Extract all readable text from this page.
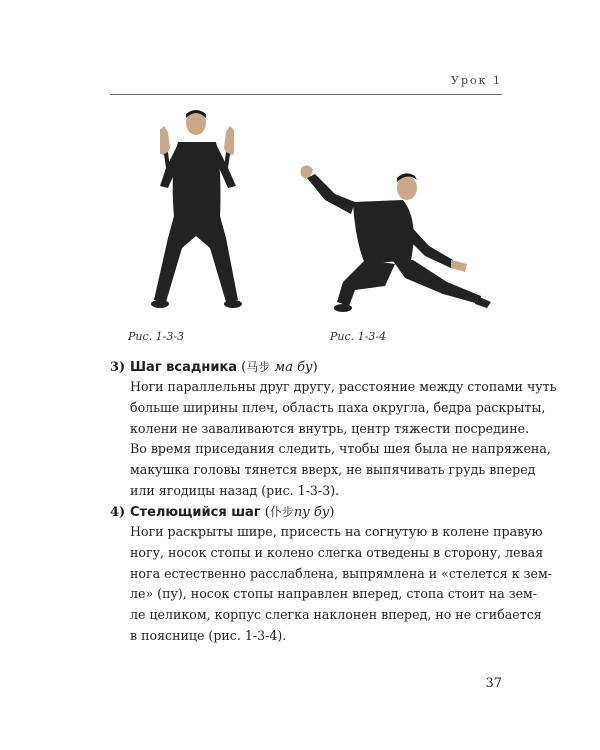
Урок 1
Рис. 1-3-3	Рис. 1-3-4
3) Шаг всадника (马步 ма бу)
Ноги параллельны друг другу, расстояние между стопами чуть
больше ширины плеч, область паха округла, бедра раскрыты,
колени не заваливаются внутрь, центр тяжести посредине.
Во время приседания следить, чтобы шея была не напряжена,
макушка головы тянется вверх, не выпячивать грудь вперед
или ягодицы назад (рис. 1-3-3).
4) Стелющийся шаг (仆步пу бу)
Ноги раскрыты шире, присесть на согнутую в колене правую
ногу, носок стопы и колено слегка отведены в сторону, левая
нога естественно расслаблена, выпрямлена и «стелется к зем-
ле» (пу), носок стопы направлен вперед, стопа стоит на зем-
ле целиком, корпус слегка наклонен вперед, но не сгибается
в пояснице (рис. 1-3-4).
37
